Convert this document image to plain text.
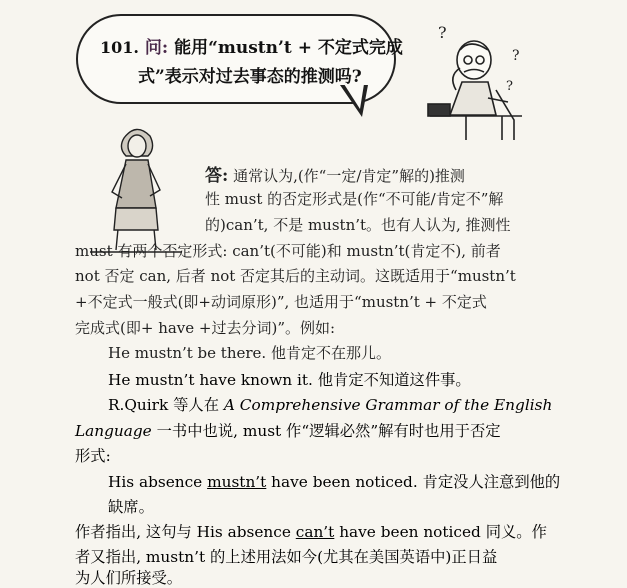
101. 问: 能用“mustn’t + 不定式完成
式”表示对过去事态的推测吗?
?
?
?
答: 通常认为,(作“一定/肯定”解的)推测
性 must 的否定形式是(作“不可能/肯定不”解
的)can’t, 不是 mustn’t。也有人认为, 推测性
must 有两个否定形式: can’t(不可能)和 mustn’t(肯定不), 前者
not 否定 can, 后者 not 否定其后的主动词。这既适用于“mustn’t
+不定式一般式(即+动词原形)”, 也适用于“mustn’t + 不定式
完成式(即+ have +过去分词)”。例如:
He mustn’t be there. 他肯定不在那儿。
He mustn’t have known it. 他肯定不知道这件事。
R.Quirk 等人在 A Comprehensive Grammar of the English
Language 一书中也说, must 作“逻辑必然”解有时也用于否定
形式:
His absence mustn’t have been noticed. 肯定没人注意到他的
缺席。
作者指出, 这句与 His absence can’t have been noticed 同义。作
者又指出, mustn’t 的上述用法如今(尤其在美国英语中)正日益
为人们所接受。
